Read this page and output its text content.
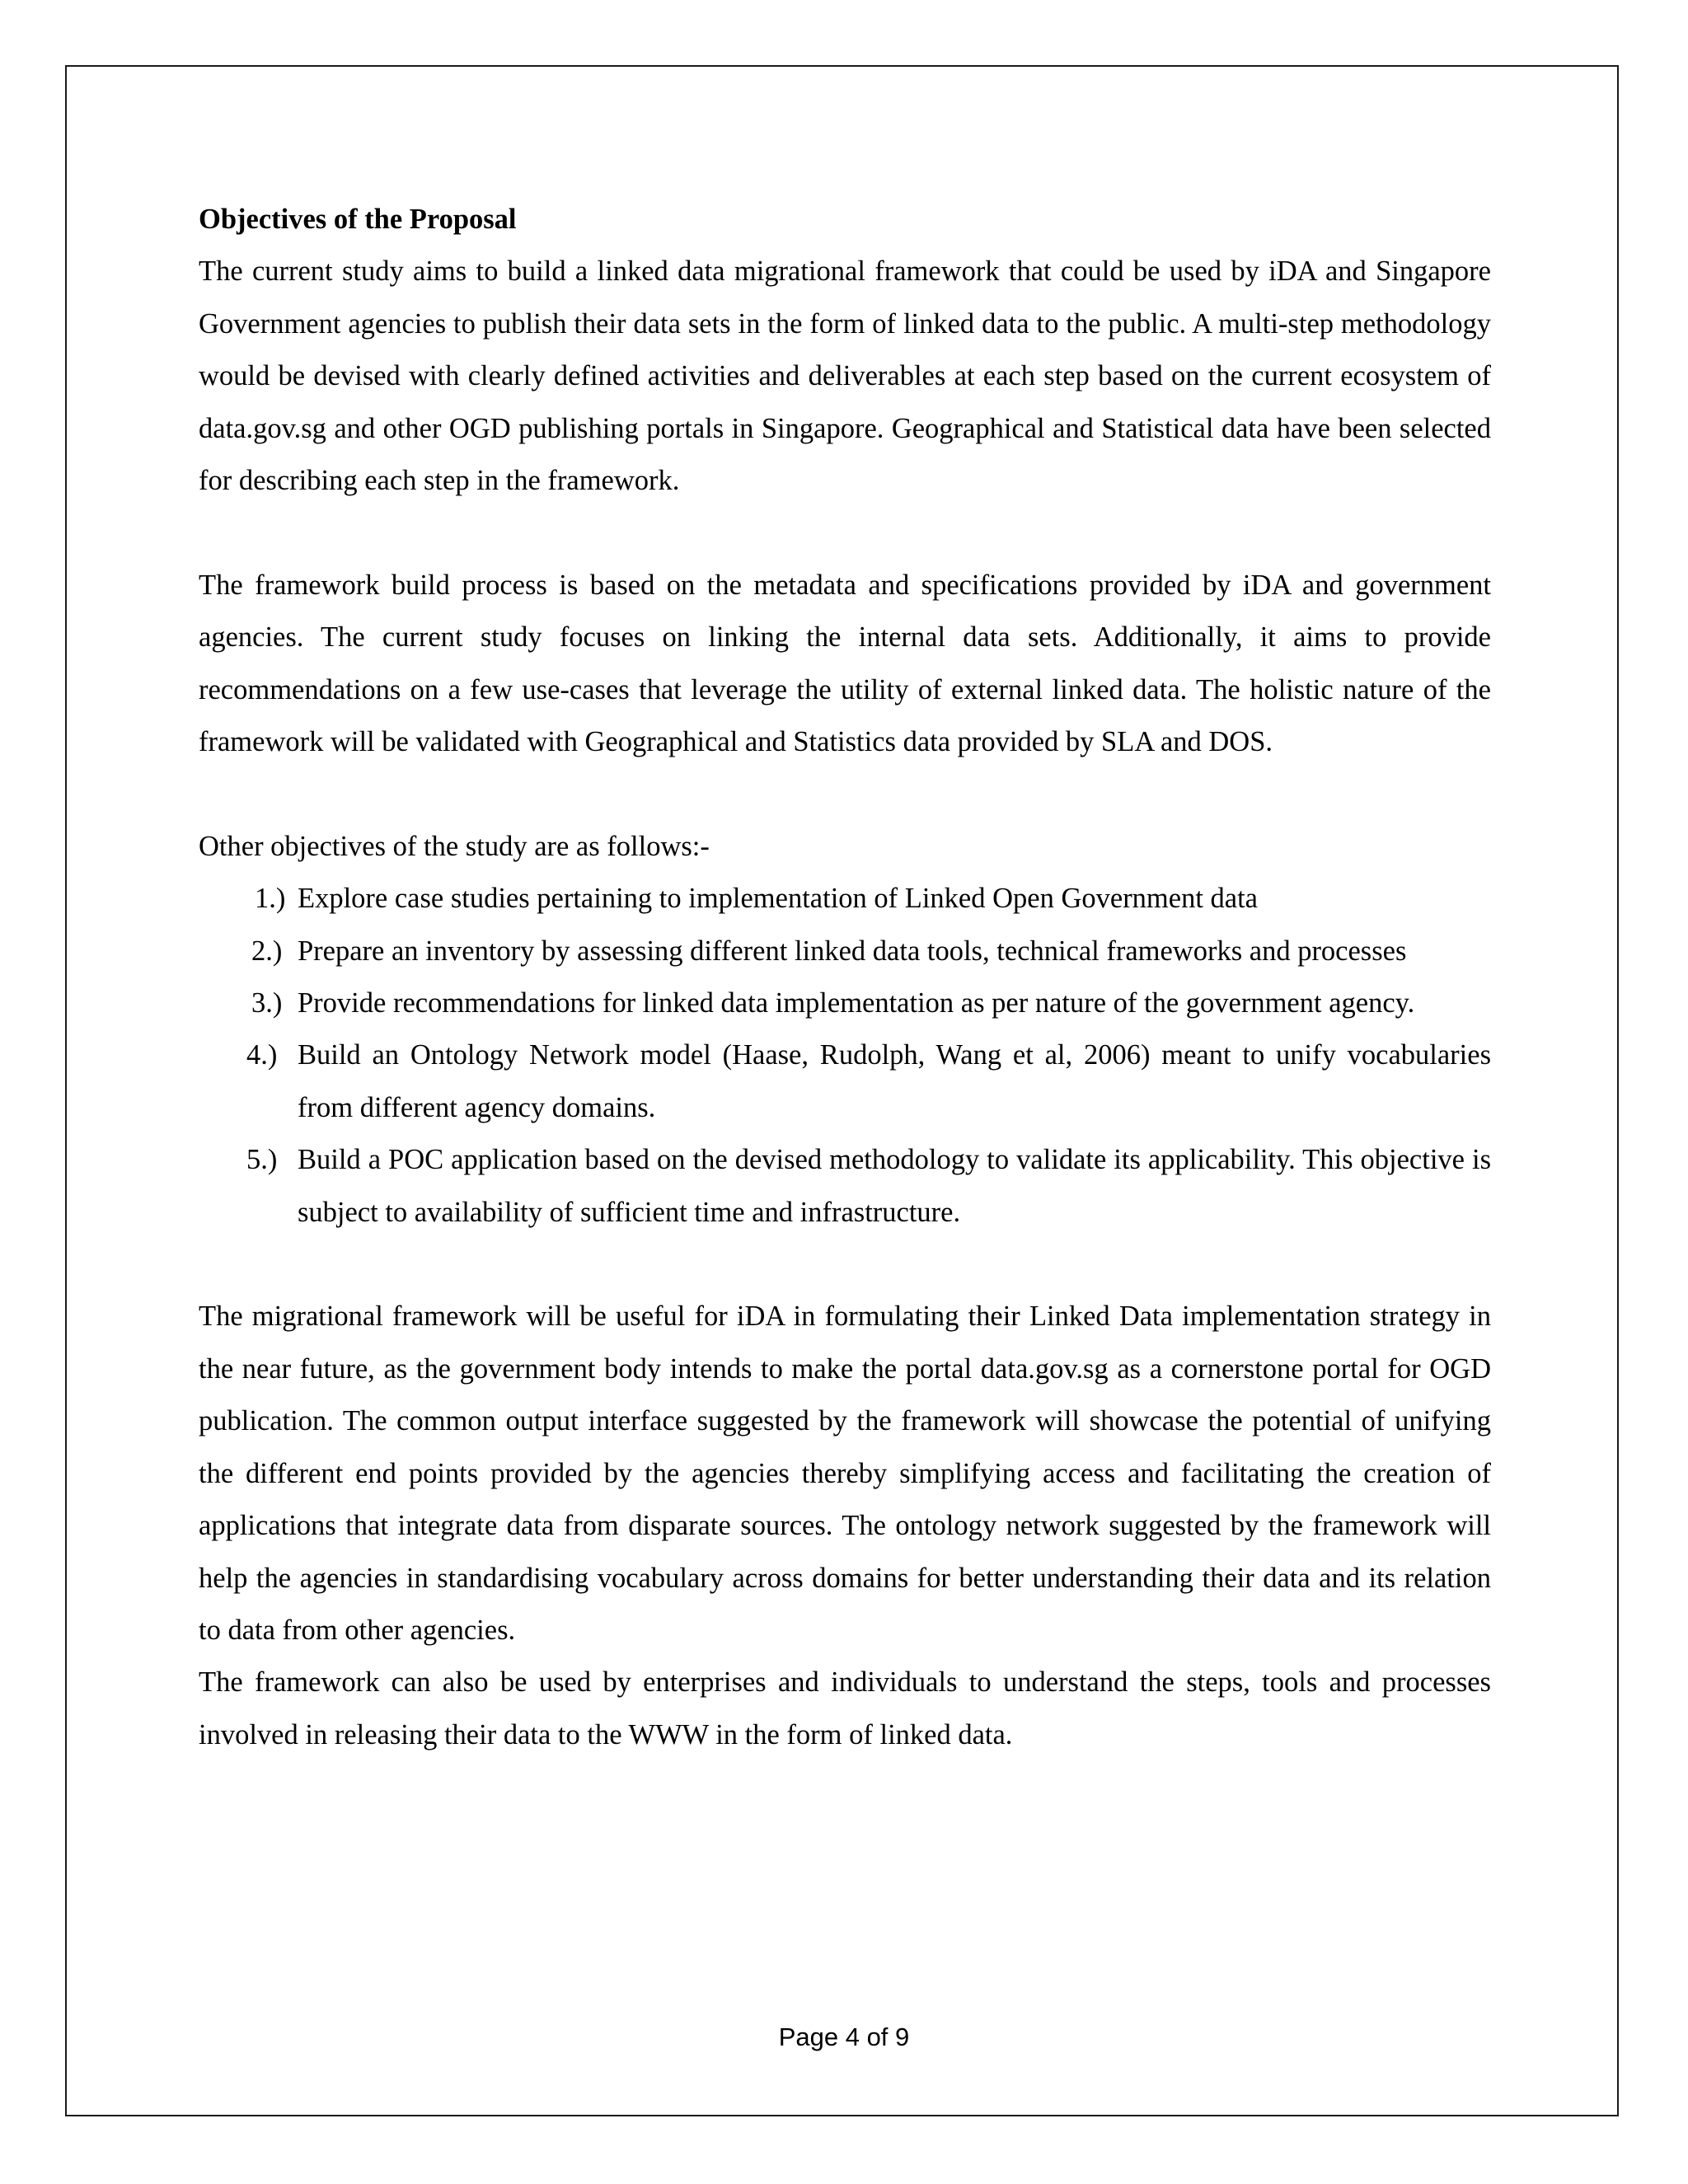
Objectives of the Proposal

The current study aims to build a linked data migrational framework that could be used by iDA and Singapore Government agencies to publish their data sets in the form of linked data to the public. A multi-step methodology would be devised with clearly defined activities and deliverables at each step based on the current ecosystem of data.gov.sg and other OGD publishing portals in Singapore. Geographical and Statistical data have been selected for describing each step in the framework.

The framework build process is based on the metadata and specifications provided by iDA and government agencies. The current study focuses on linking the internal data sets. Additionally, it aims to provide recommendations on a few use-cases that leverage the utility of external linked data. The holistic nature of the framework will be validated with Geographical and Statistics data provided by SLA and DOS.

Other objectives of the study are as follows:-

1.) Explore case studies pertaining to implementation of Linked Open Government data
2.) Prepare an inventory by assessing different linked data tools, technical frameworks and processes
3.) Provide recommendations for linked data implementation as per nature of the government agency.
4.) Build an Ontology Network model (Haase, Rudolph, Wang et al, 2006) meant to unify vocabularies from different agency domains.
5.) Build a POC application based on the devised methodology to validate its applicability. This objective is subject to availability of sufficient time and infrastructure.

The migrational framework will be useful for iDA in formulating their Linked Data implementation strategy in the near future, as the government body intends to make the portal data.gov.sg as a cornerstone portal for OGD publication. The common output interface suggested by the framework will showcase the potential of unifying the different end points provided by the agencies thereby simplifying access and facilitating the creation of applications that integrate data from disparate sources. The ontology network suggested by the framework will help the agencies in standardising vocabulary across domains for better understanding their data and its relation to data from other agencies.

The framework can also be used by enterprises and individuals to understand the steps, tools and processes involved in releasing their data to the WWW in the form of linked data.

Page 4 of 9
